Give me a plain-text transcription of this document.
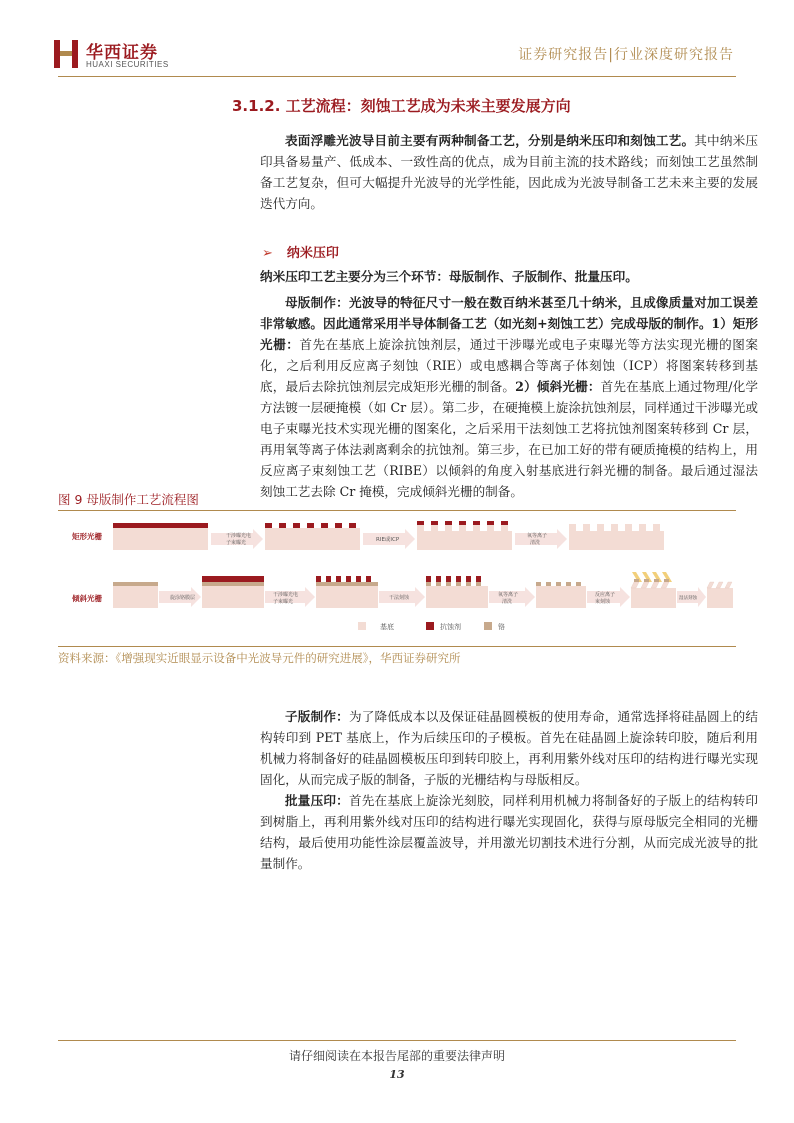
华西证券
HUAXI SECURITIES
证券研究报告|行业深度研究报告
3.1.2. 工艺流程：刻蚀工艺成为未来主要发展方向
表面浮雕光波导目前主要有两种制备工艺，分别是纳米压印和刻蚀工艺。其中纳米压印具备易量产、低成本、一致性高的优点，成为目前主流的技术路线；而刻蚀工艺虽然制备工艺复杂，但可大幅提升光波导的光学性能，因此成为光波导制备工艺未来主要的发展迭代方向。
➢ 纳米压印
纳米压印工艺主要分为三个环节：母版制作、子版制作、批量压印。
母版制作：光波导的特征尺寸一般在数百纳米甚至几十纳米，且成像质量对加工误差非常敏感。因此通常采用半导体制备工艺（如光刻+刻蚀工艺）完成母版的制作。1）矩形光栅：首先在基底上旋涂抗蚀剂层，通过干涉曝光或电子束曝光等方法实现光栅的图案化，之后利用反应离子刻蚀（RIE）或电感耦合等离子体刻蚀（ICP）将图案转移到基底，最后去除抗蚀剂层完成矩形光栅的制备。2）倾斜光栅：首先在基底上通过物理/化学方法镀一层硬掩模（如 Cr 层）。第二步，在硬掩模上旋涂抗蚀剂层，同样通过干涉曝光或电子束曝光技术实现光栅的图案化，之后采用干法刻蚀工艺将抗蚀剂图案转移到 Cr 层，再用氧等离子体法剥离剩余的抗蚀剂。第三步，在已加工好的带有硬质掩模的结构上，用反应离子束刻蚀工艺（RIBE）以倾斜的角度入射基底进行斜光栅的制备。最后通过湿法刻蚀工艺去除 Cr 掩模，完成倾斜光栅的制备。
图 9 母版制作工艺流程图
矩形光栅	干涉曝光电
子束曝光	RIE或ICP
氧等离子
清洗
倾斜光栅	旋涂铬膜层	干涉曝光电
子束曝光
干法刻蚀	氧等离子
清洗
反应离子
束刻蚀
湿法刻蚀
基底	抗蚀剂	铬
资料来源：《增强现实近眼显示设备中光波导元件的研究进展》，华西证券研究所
子版制作：为了降低成本以及保证硅晶圆模板的使用寿命，通常选择将硅晶圆上的结构转印到 PET 基底上，作为后续压印的子模板。首先在硅晶圆上旋涂转印胶，随后利用机械力将制备好的硅晶圆模板压印到转印胶上，再利用紫外线对压印的结构进行曝光实现固化，从而完成子版的制备，子版的光栅结构与母版相反。
批量压印：首先在基底上旋涂光刻胶，同样利用机械力将制备好的子版上的结构转印到树脂上，再利用紫外线对压印的结构进行曝光实现固化，获得与原母版完全相同的光栅结构，最后使用功能性涂层覆盖波导，并用激光切割技术进行分割，从而完成光波导的批量制作。
请仔细阅读在本报告尾部的重要法律声明
13
